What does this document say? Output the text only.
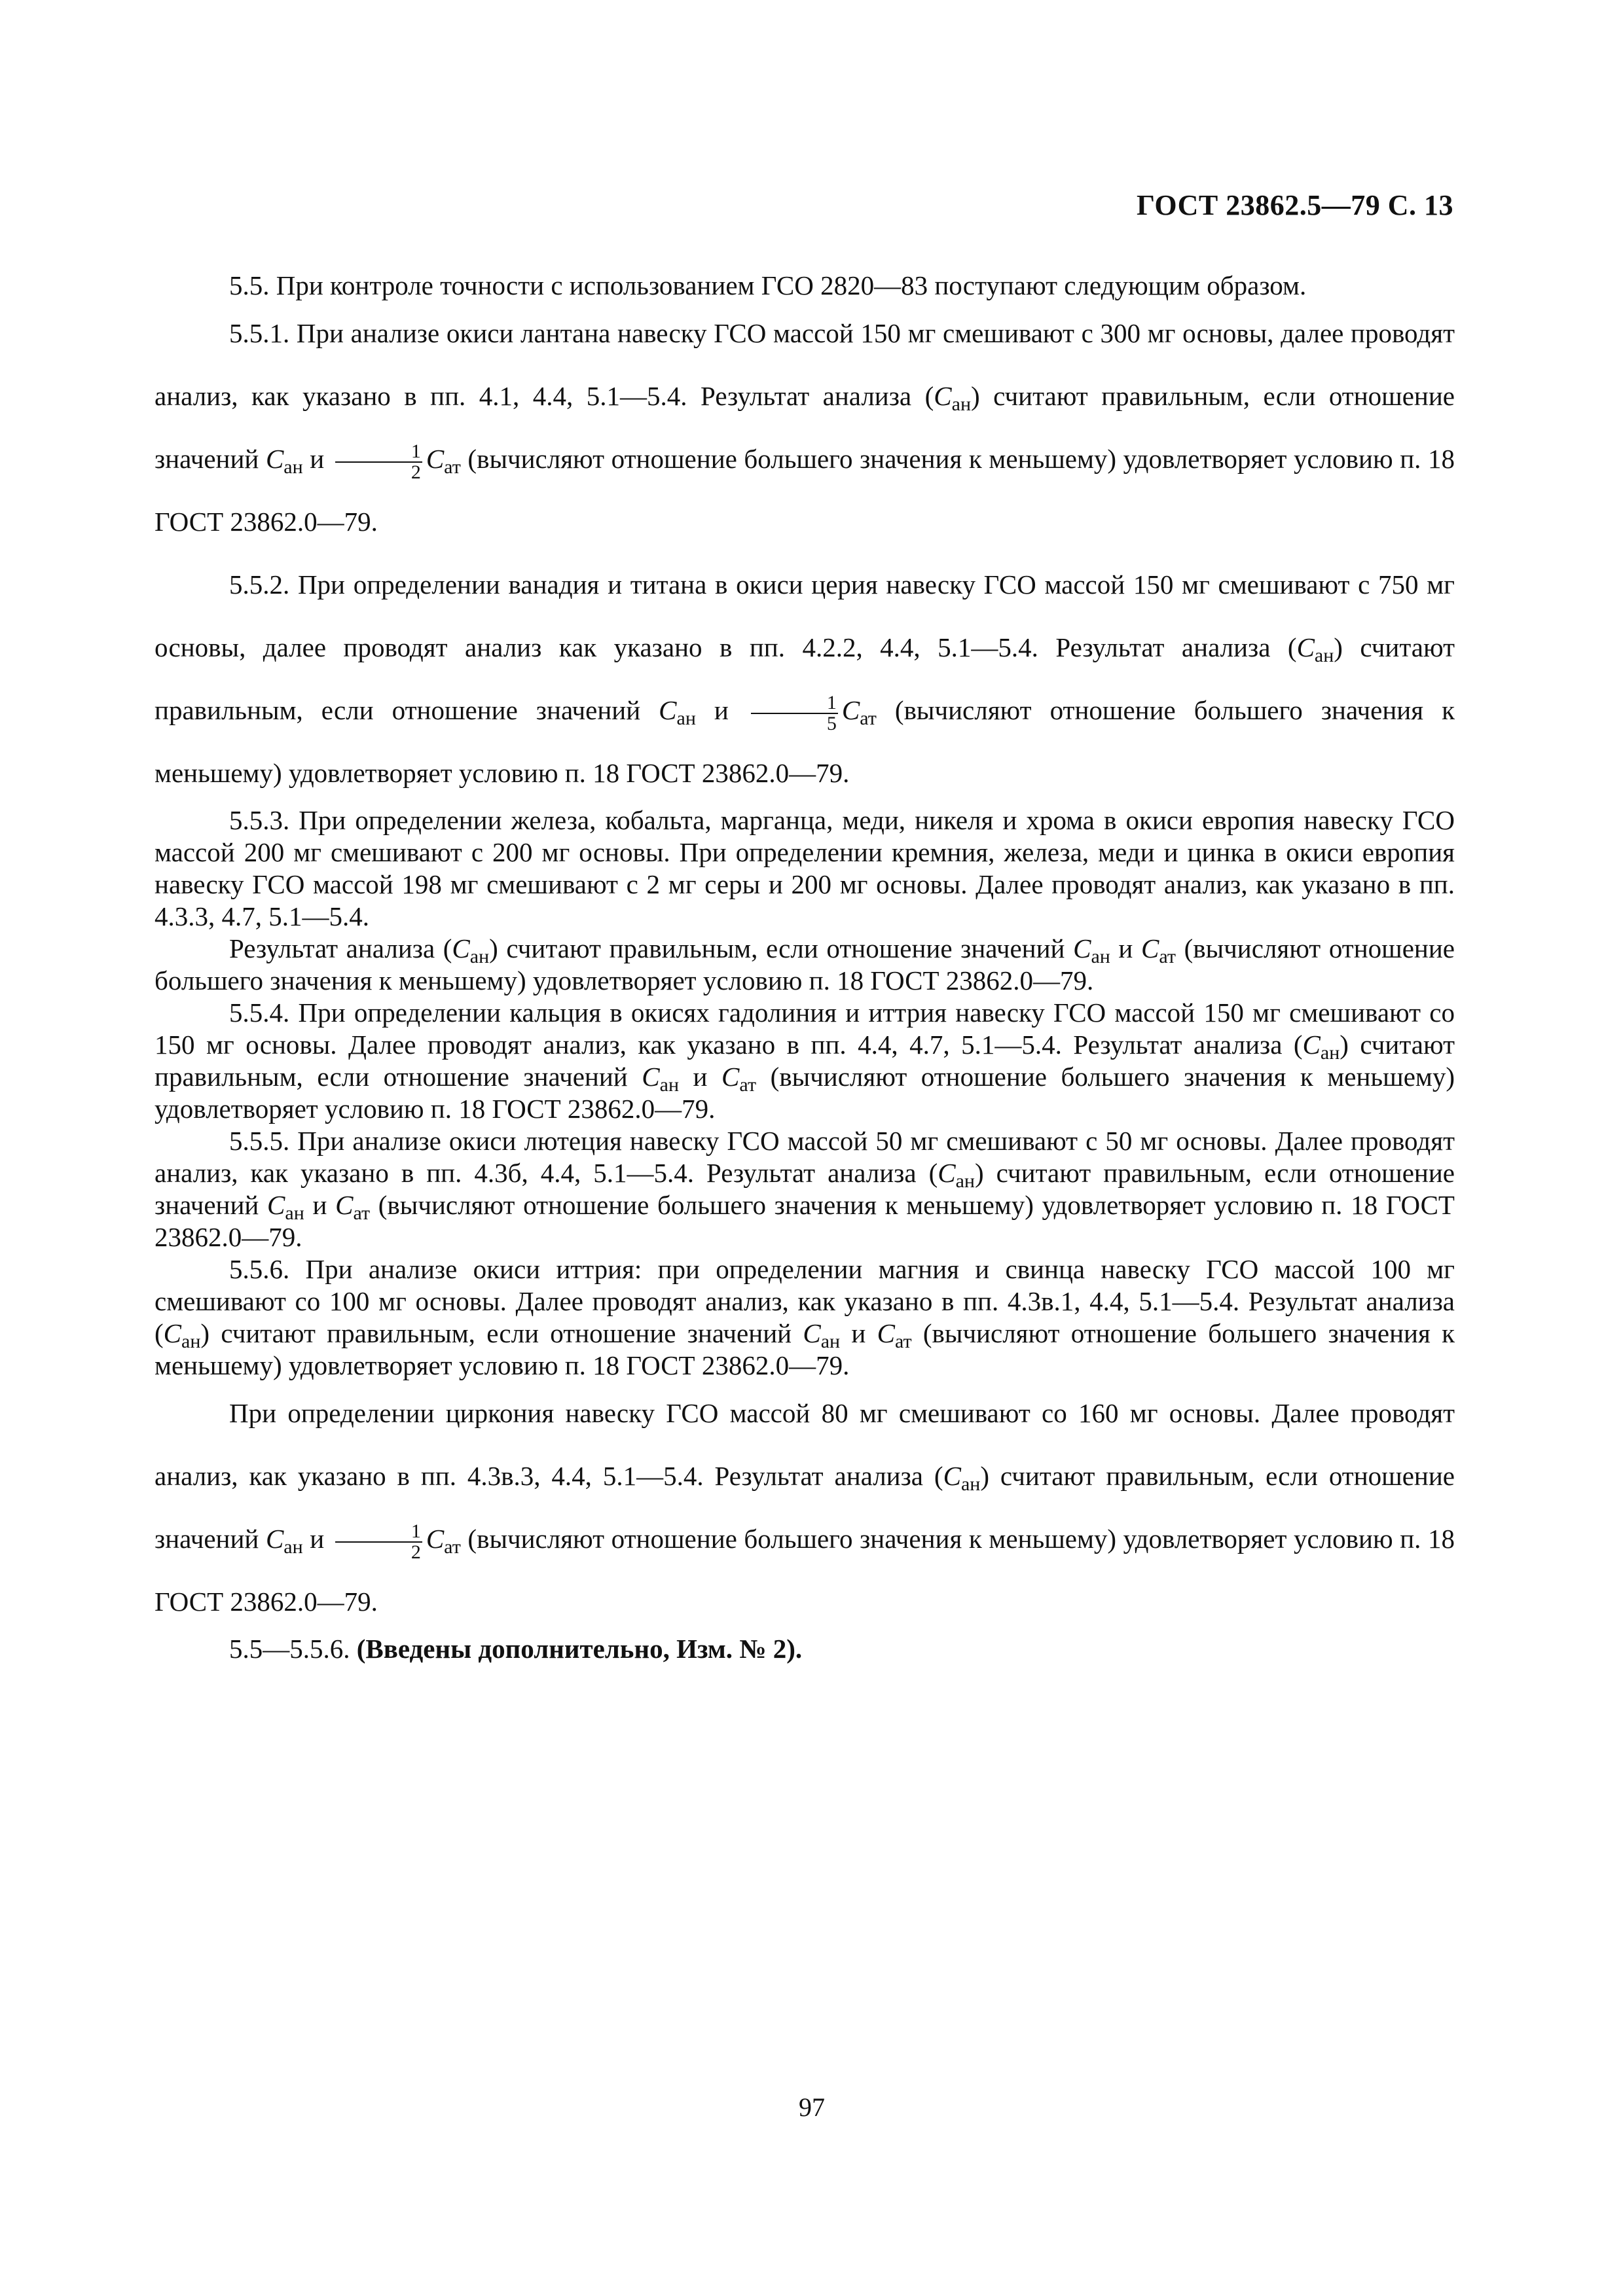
ГОСТ 23862.5—79 С. 13

5.5. При контроле точности с использованием ГСО 2820—83 поступают следующим образом.

5.5.1. При анализе окиси лантана навеску ГСО массой 150 мг смешивают с 300 мг основы, далее проводят анализ, как указано в пп. 4.1, 4.4, 5.1—5.4. Результат анализа $(C_{ан})$ считают правильным, если отношение значений $C_{ан}$ и $\frac{1}{2} C_{ат}$ (вычисляют отношение большего значения к меньшему) удовлетворяет условию п. 18 ГОСТ 23862.0—79.

5.5.2. При определении ванадия и титана в окиси церия навеску ГСО массой 150 мг смешивают с 750 мг основы, далее проводят анализ как указано в пп. 4.2.2, 4.4, 5.1—5.4. Результат анализа $(C_{ан})$ считают правильным, если отношение значений $C_{ан}$ и $\frac{1}{5} C_{ат}$ (вычисляют отношение большего значения к меньшему) удовлетворяет условию п. 18 ГОСТ 23862.0—79.

5.5.3. При определении железа, кобальта, марганца, меди, никеля и хрома в окиси европия навеску ГСО массой 200 мг смешивают с 200 мг основы. При определении кремния, железа, меди и цинка в окиси европия навеску ГСО массой 198 мг смешивают с 2 мг серы и 200 мг основы. Далее проводят анализ, как указано в пп. 4.3.3, 4.7, 5.1—5.4.

Результат анализа $(C_{ан})$ считают правильным, если отношение значений $C_{ан}$ и $C_{ат}$ (вычисляют отношение большего значения к меньшему) удовлетворяет условию п. 18 ГОСТ 23862.0—79.

5.5.4. При определении кальция в окисях гадолиния и иттрия навеску ГСО массой 150 мг смешивают со 150 мг основы. Далее проводят анализ, как указано в пп. 4.4, 4.7, 5.1—5.4. Результат анализа $(C_{ан})$ считают правильным, если отношение значений $C_{ан}$ и $C_{ат}$ (вычисляют отношение большего значения к меньшему) удовлетворяет условию п. 18 ГОСТ 23862.0—79.

5.5.5. При анализе окиси лютеция навеску ГСО массой 50 мг смешивают с 50 мг основы. Далее проводят анализ, как указано в пп. 4.3б, 4.4, 5.1—5.4. Результат анализа $(C_{ан})$ считают правильным, если отношение значений $C_{ан}$ и $C_{ат}$ (вычисляют отношение большего значения к меньшему) удовлетворяет условию п. 18 ГОСТ 23862.0—79.

5.5.6. При анализе окиси иттрия: при определении магния и свинца навеску ГСО массой 100 мг смешивают со 100 мг основы. Далее проводят анализ, как указано в пп. 4.3в.1, 4.4, 5.1—5.4. Результат анализа $(C_{ан})$ считают правильным, если отношение значений $C_{ан}$ и $C_{ат}$ (вычисляют отношение большего значения к меньшему) удовлетворяет условию п. 18 ГОСТ 23862.0—79.

При определении циркония навеску ГСО массой 80 мг смешивают со 160 мг основы. Далее проводят анализ, как указано в пп. 4.3в.3, 4.4, 5.1—5.4. Результат анализа $(C_{ан})$ считают правильным, если отношение значений $C_{ан}$ и $\frac{1}{2} C_{ат}$ (вычисляют отношение большего значения к меньшему) удовлетворяет условию п. 18 ГОСТ 23862.0—79.

5.5—5.5.6. (Введены дополнительно, Изм. № 2).

97
